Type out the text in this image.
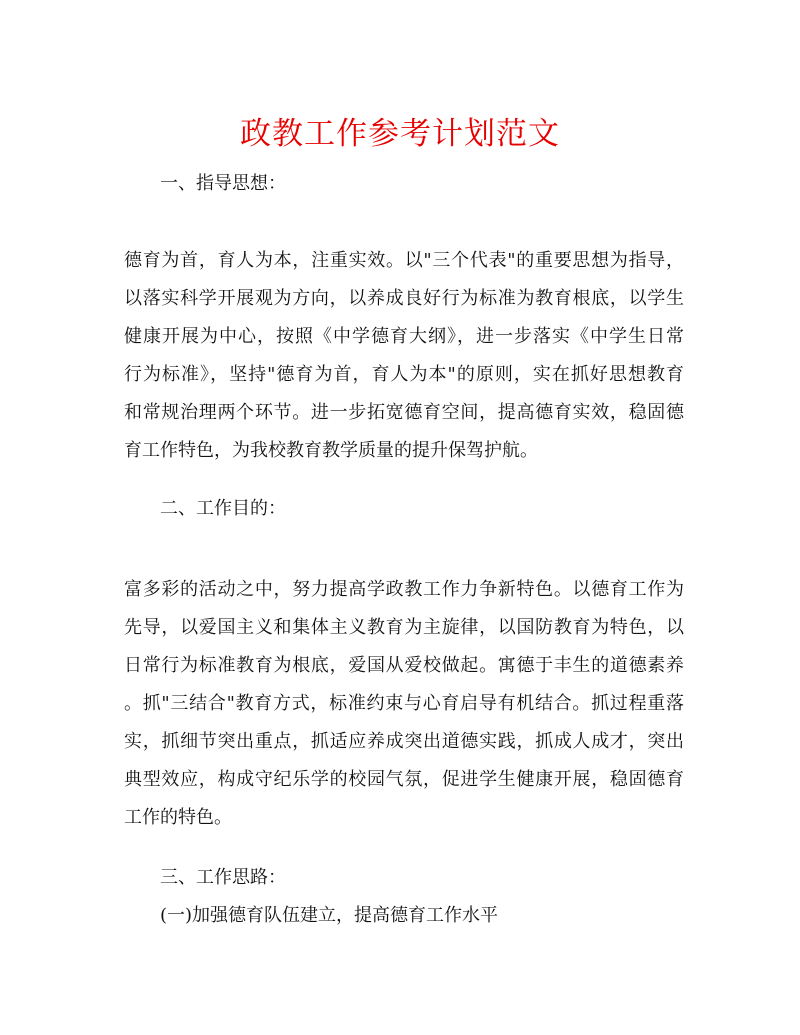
政教工作参考计划范文
一、指导思想：
德育为首，育人为本，注重实效。以"三个代表"的重要思想为指导，
以落实科学开展观为方向，以养成良好行为标准为教育根底，以学生
健康开展为中心，按照《中学德育大纲》，进一步落实《中学生日常
行为标准》，坚持"德育为首，育人为本"的原则，实在抓好思想教育
和常规治理两个环节。进一步拓宽德育空间，提高德育实效，稳固德
育工作特色，为我校教育教学质量的提升保驾护航。
二、工作目的：
富多彩的活动之中，努力提高学政教工作力争新特色。以德育工作为
先导，以爱国主义和集体主义教育为主旋律，以国防教育为特色，以
日常行为标准教育为根底，爱国从爱校做起。寓德于丰生的道德素养
。抓"三结合"教育方式，标准约束与心育启导有机结合。抓过程重落
实，抓细节突出重点，抓适应养成突出道德实践，抓成人成才，突出
典型效应，构成守纪乐学的校园气氛，促进学生健康开展，稳固德育
工作的特色。
三、工作思路：
(一)加强德育队伍建立，提高德育工作水平
